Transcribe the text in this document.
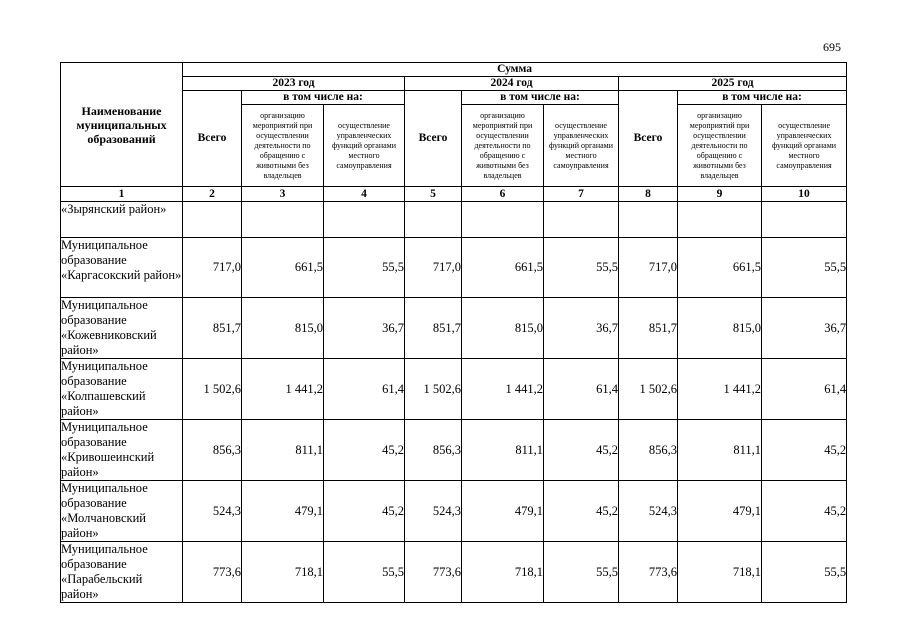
695
Наименование муниципальных образований	Сумма								
	2023 год			2024 год			2025 год		
	Всего	в том числе на:		Всего	в том числе на:		Всего	в том числе на:	
		организацию мероприятий при осуществлении деятельности по обращению с животными без владельцев	осуществление управленческих функций органами местного самоуправления		организацию мероприятий при осуществлении деятельности по обращению с животными без владельцев	осуществление управленческих функций органами местного самоуправления		организацию мероприятий при осуществлении деятельности по обращению с животными без владельцев	осуществление управленческих функций органами местного самоуправления
1	2	3	4	5	6	7	8	9	10
«Зырянский район»									
Муниципальное образование «Каргасокский район»	717,0	661,5	55,5	717,0	661,5	55,5	717,0	661,5	55,5
Муниципальное образование «Кожевниковский район»	851,7	815,0	36,7	851,7	815,0	36,7	851,7	815,0	36,7
Муниципальное образование «Колпашевский район»	1 502,6	1 441,2	61,4	1 502,6	1 441,2	61,4	1 502,6	1 441,2	61,4
Муниципальное образование «Кривошеинский район»	856,3	811,1	45,2	856,3	811,1	45,2	856,3	811,1	45,2
Муниципальное образование «Молчановский район»	524,3	479,1	45,2	524,3	479,1	45,2	524,3	479,1	45,2
Муниципальное образование «Парабельский район»	773,6	718,1	55,5	773,6	718,1	55,5	773,6	718,1	55,5
